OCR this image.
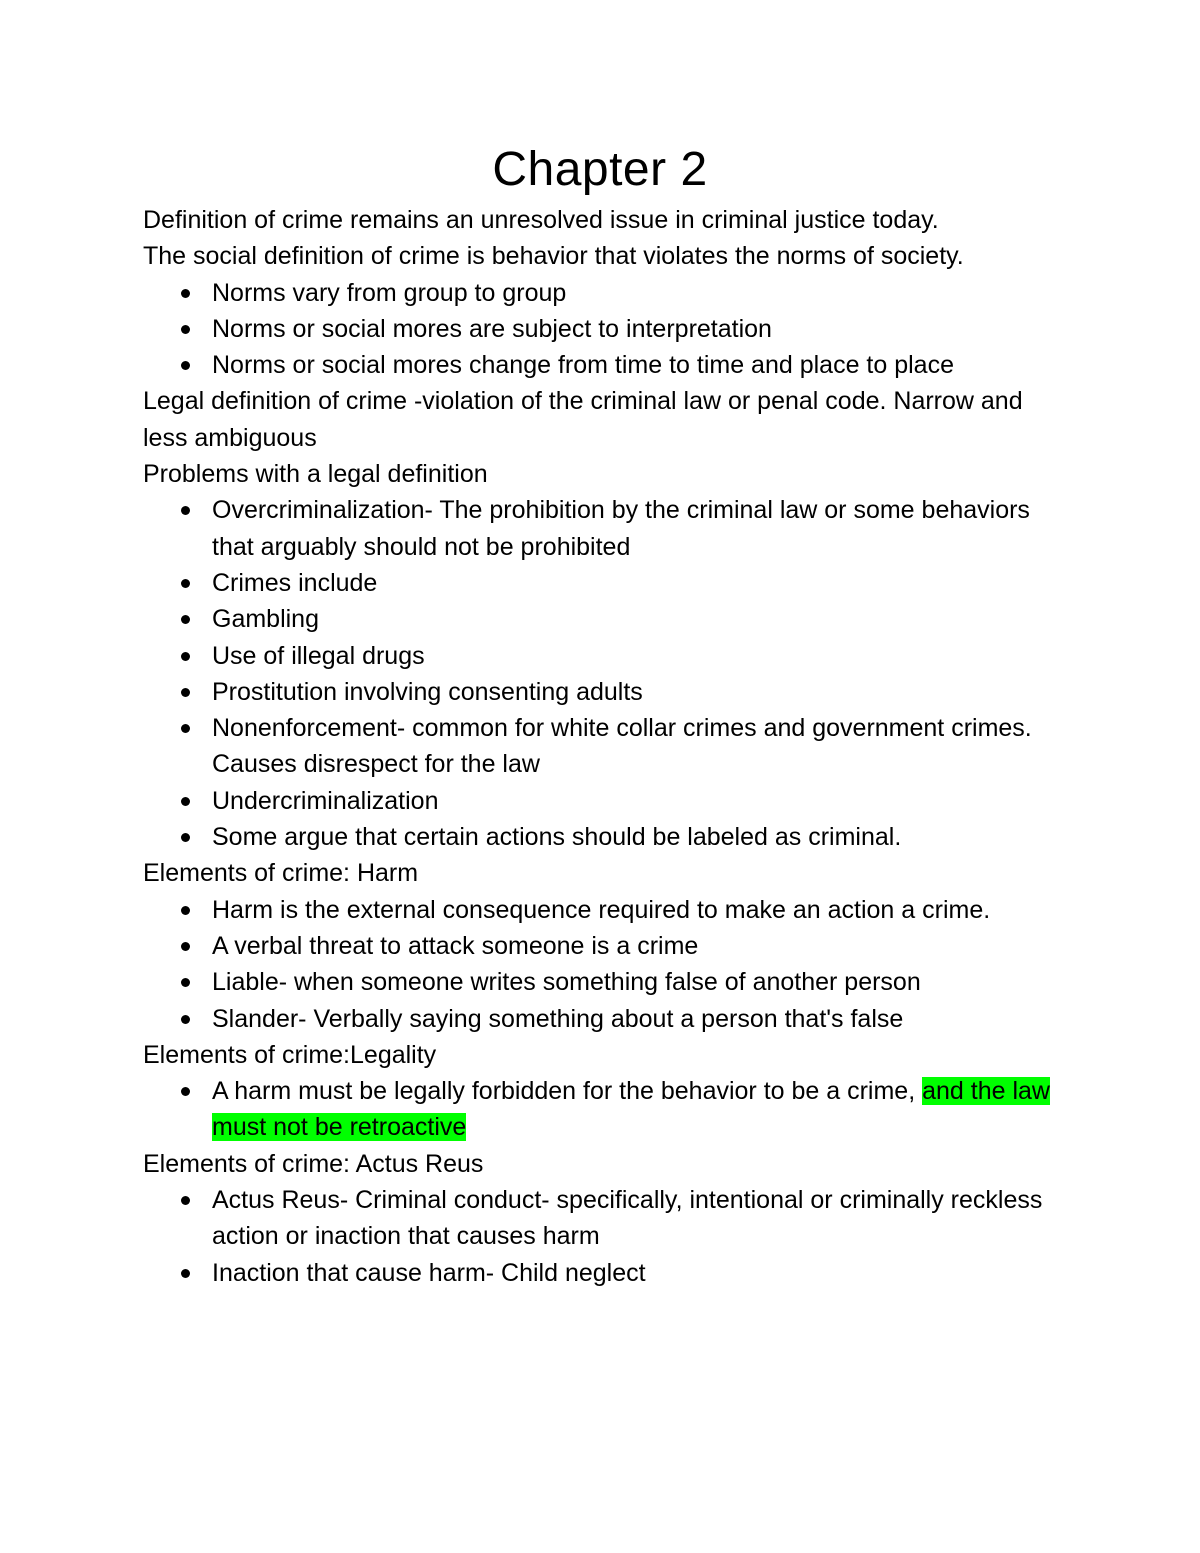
Chapter 2

Definition of crime remains an unresolved issue in criminal justice today.

The social definition of crime is behavior that violates the norms of society.

Norms vary from group to group
Norms or social mores are subject to interpretation
Norms or social mores change from time to time and place to place

Legal definition of crime -violation of the criminal law or penal code. Narrow and less ambiguous

Problems with a legal definition

Overcriminalization- The prohibition by the criminal law or some behaviors that arguably should not be prohibited
Crimes include
Gambling
Use of illegal drugs
Prostitution involving consenting adults
Nonenforcement- common for white collar crimes and government crimes. Causes disrespect for the law
Undercriminalization
Some argue that certain actions should be labeled as criminal.

Elements of crime: Harm

Harm is the external consequence required to make an action a crime.
A verbal threat to attack someone is a crime
Liable- when someone writes something false of another person
Slander- Verbally saying something about a person that's false

Elements of crime:Legality

A harm must be legally forbidden for the behavior to be a crime, and the law must not be retroactive

Elements of crime: Actus Reus

Actus Reus- Criminal conduct- specifically, intentional or criminally reckless action or inaction that causes harm
Inaction that cause harm- Child neglect
